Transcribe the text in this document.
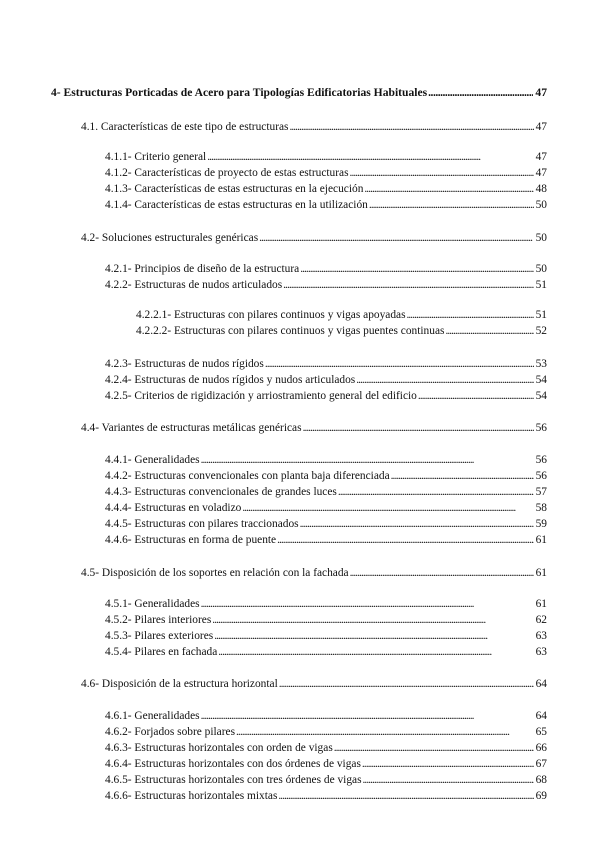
4- Estructuras Porticadas de Acero para Tipologías Edificatorias Habituales . . .	47
4.1. Características de este tipo de estructuras . . .	47
4.1.1- Criterio general . . .	47
4.1.2- Características de proyecto de estas estructuras . . .	47
4.1.3- Características de estas estructuras en la ejecución . . .	48
4.1.4- Características de estas estructuras en la utilización . . .	50
4.2- Soluciones estructurales genéricas . . .	50
4.2.1- Principios de diseño de la estructura . . .	50
4.2.2- Estructuras de nudos articulados . . .	51
4.2.2.1- Estructuras con pilares continuos y vigas apoyadas . . .	51
4.2.2.2- Estructuras con pilares continuos y vigas puentes continuas . . .	52
4.2.3- Estructuras de nudos rígidos . . .	53
4.2.4- Estructuras de nudos rígidos y nudos articulados . . .	54
4.2.5- Criterios de rigidización y arriostramiento general del edificio . . .	54
4.4- Variantes de estructuras metálicas genéricas . . .	56
4.4.1- Generalidades . . .	56
4.4.2- Estructuras convencionales con planta baja diferenciada . . .	56
4.4.3- Estructuras convencionales de grandes luces . . .	57
4.4.4- Estructuras en voladizo . . .	58
4.4.5- Estructuras con pilares traccionados . . .	59
4.4.6- Estructuras en forma de puente . . .	61
4.5- Disposición de los soportes en relación con la fachada . . .	61
4.5.1- Generalidades . . .	61
4.5.2- Pilares interiores . . .	62
4.5.3- Pilares exteriores . . .	63
4.5.4- Pilares en fachada . . .	63
4.6- Disposición de la estructura horizontal . . .	64
4.6.1- Generalidades . . .	64
4.6.2- Forjados sobre pilares . . .	65
4.6.3- Estructuras horizontales con orden de vigas . . .	66
4.6.4- Estructuras horizontales con dos órdenes de vigas . . .	67
4.6.5- Estructuras horizontales con tres órdenes de vigas . . .	68
4.6.6- Estructuras horizontales mixtas . . .	69
